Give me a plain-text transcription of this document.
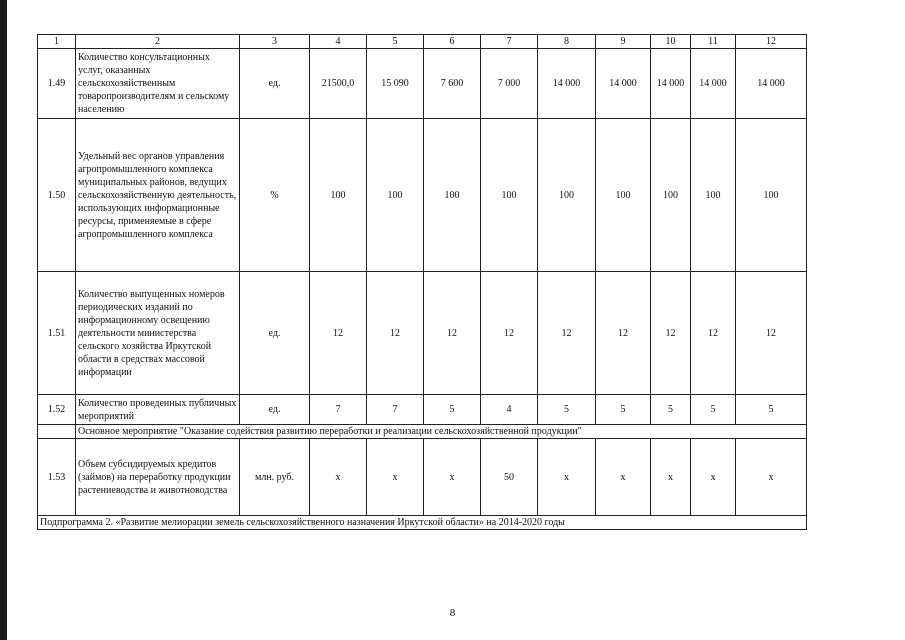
1	2	3	4	5	6	7	8	9	10	11	12
1.49	Количество консультационных услуг, оказанных сельскохозяйственным товаропроизводителям и сельскому населению	ед.	21500,0	15 090	7 600	7 000	14 000	14 000	14 000	14 000	14 000
1.50	Удельный вес органов управления агропромышленного комплекса муниципальных районов, ведущих сельскохозяйственную деятельность, использующих информационные ресурсы, применяемые в сфере агропромышленного комплекса	%	100	100	100	100	100	100	100	100	100
1.51	Количество выпущенных номеров периодических изданий по информационному освещению деятельности министерства сельского хозяйства Иркутской области в средствах массовой информации	ед.	12	12	12	12	12	12	12	12	12
1.52	Количество проведенных публичных мероприятий	ед.	7	7	5	4	5	5	5	5	5
	Основное мероприятие "Оказание содействия развитию переработки и реализации сельскохозяйственной продукции"										
1.53	Объем субсидируемых кредитов (займов) на переработку продукции растениеводства и животноводства	млн. руб.	x	x	x	50	x	x	x	x	x
Подпрограмма 2. «Развитие мелиорации земель сельскохозяйственного назначения Иркутской области» на 2014-2020 годы											
8
